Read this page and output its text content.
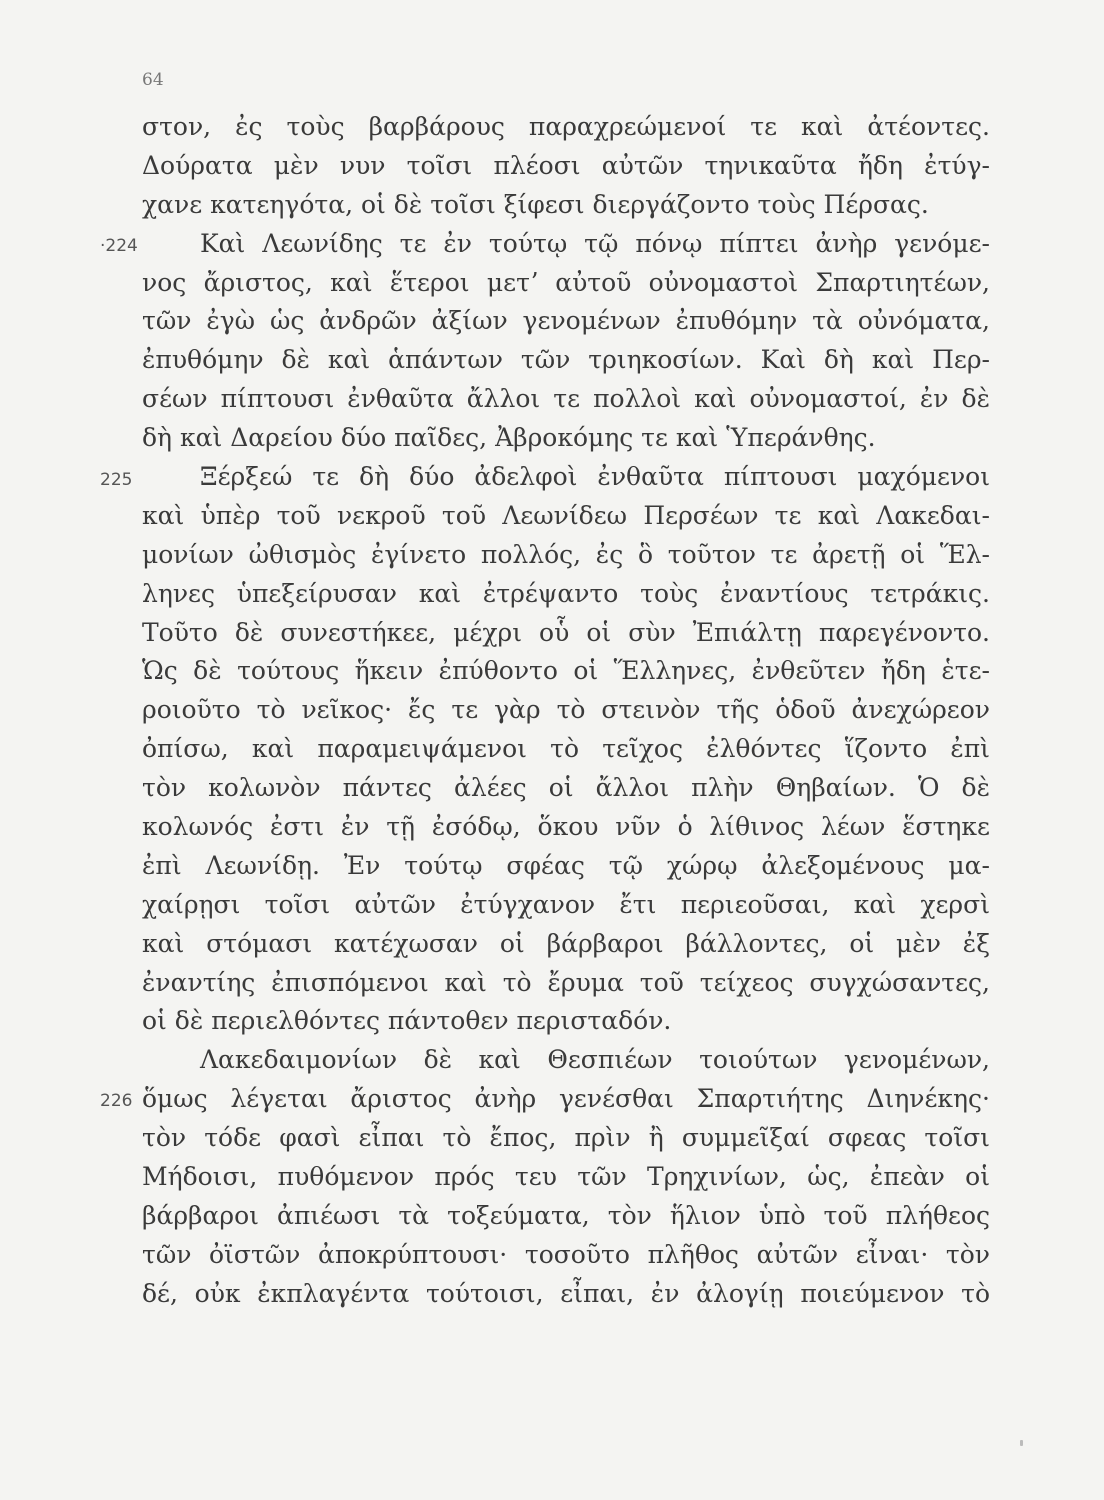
64
στον, ἐς τοὺς βαρβάρους παραχρεώμενοί τε καὶ ἀτέοντες.
Δούρατα μὲν νυν τοῖσι πλέοσι αὐτῶν τηνικαῦτα ἤδη ἐτύγ-
χανε κατεηγότα, οἱ δὲ τοῖσι ξίφεσι διεργάζοντο τοὺς Πέρσας.
Καὶ Λεωνίδης τε ἐν τούτῳ τῷ πόνῳ πίπτει ἀνὴρ γενόμε-
νος ἄριστος, καὶ ἕτεροι μετʼ αὐτοῦ οὐνομαστοὶ Σπαρτιητέων,
τῶν ἐγὼ ὡς ἀνδρῶν ἀξίων γενομένων ἐπυθόμην τὰ οὐνόματα,
ἐπυθόμην δὲ καὶ ἁπάντων τῶν τριηκοσίων. Καὶ δὴ καὶ Περ-
σέων πίπτουσι ἐνθαῦτα ἄλλοι τε πολλοὶ καὶ οὐνομαστοί, ἐν δὲ
δὴ καὶ Δαρείου δύο παῖδες, Ἀβροκόμης τε καὶ Ὑπεράνθης.
Ξέρξεώ τε δὴ δύο ἀδελφοὶ ἐνθαῦτα πίπτουσι μαχόμενοι
καὶ ὑπὲρ τοῦ νεκροῦ τοῦ Λεωνίδεω Περσέων τε καὶ Λακεδαι-
μονίων ὠθισμὸς ἐγίνετο πολλός, ἐς ὃ τοῦτον τε ἀρετῇ οἱ Ἕλ-
ληνες ὑπεξείρυσαν καὶ ἐτρέψαντο τοὺς ἐναντίους τετράκις.
Τοῦτο δὲ συνεστήκεε, μέχρι οὗ οἱ σὺν Ἐπιάλτῃ παρεγένοντο.
Ὡς δὲ τούτους ἥκειν ἐπύθοντο οἱ Ἕλληνες, ἐνθεῦτεν ἤδη ἑτε-
ροιοῦτο τὸ νεῖκος· ἔς τε γὰρ τὸ στεινὸν τῆς ὁδοῦ ἀνεχώρεον
ὀπίσω, καὶ παραμειψάμενοι τὸ τεῖχος ἐλθόντες ἵζοντο ἐπὶ
τὸν κολωνὸν πάντες ἀλέες οἱ ἄλλοι πλὴν Θηβαίων. Ὁ δὲ
κολωνός ἐστι ἐν τῇ ἐσόδῳ, ὅκου νῦν ὁ λίθινος λέων ἕστηκε
ἐπὶ Λεωνίδῃ. Ἐν τούτῳ σφέας τῷ χώρῳ ἀλεξομένους μα-
χαίρῃσι τοῖσι αὐτῶν ἐτύγχανον ἔτι περιεοῦσαι, καὶ χερσὶ
καὶ στόμασι κατέχωσαν οἱ βάρβαροι βάλλοντες, οἱ μὲν ἐξ
ἐναντίης ἐπισπόμενοι καὶ τὸ ἔρυμα τοῦ τείχεος συγχώσαντες,
οἱ δὲ περιελθόντες πάντοθεν περισταδόν.
Λακεδαιμονίων δὲ καὶ Θεσπιέων τοιούτων γενομένων,
ὅμως λέγεται ἄριστος ἀνὴρ γενέσθαι Σπαρτιήτης Διηνέκης·
τὸν τόδε φασὶ εἶπαι τὸ ἔπος, πρὶν ἢ συμμεῖξαί σφεας τοῖσι
Μήδοισι, πυθόμενον πρός τευ τῶν Τρηχινίων, ὡς, ἐπεὰν οἱ
βάρβαροι ἀπιέωσι τὰ τοξεύματα, τὸν ἥλιον ὑπὸ τοῦ πλήθεος
τῶν ὀϊστῶν ἀποκρύπτουσι· τοσοῦτο πλῆθος αὐτῶν εἶναι· τὸν
δέ, οὐκ ἐκπλαγέντα τούτοισι, εἶπαι, ἐν ἀλογίῃ ποιεύμενον τὸ
·224
225
226
